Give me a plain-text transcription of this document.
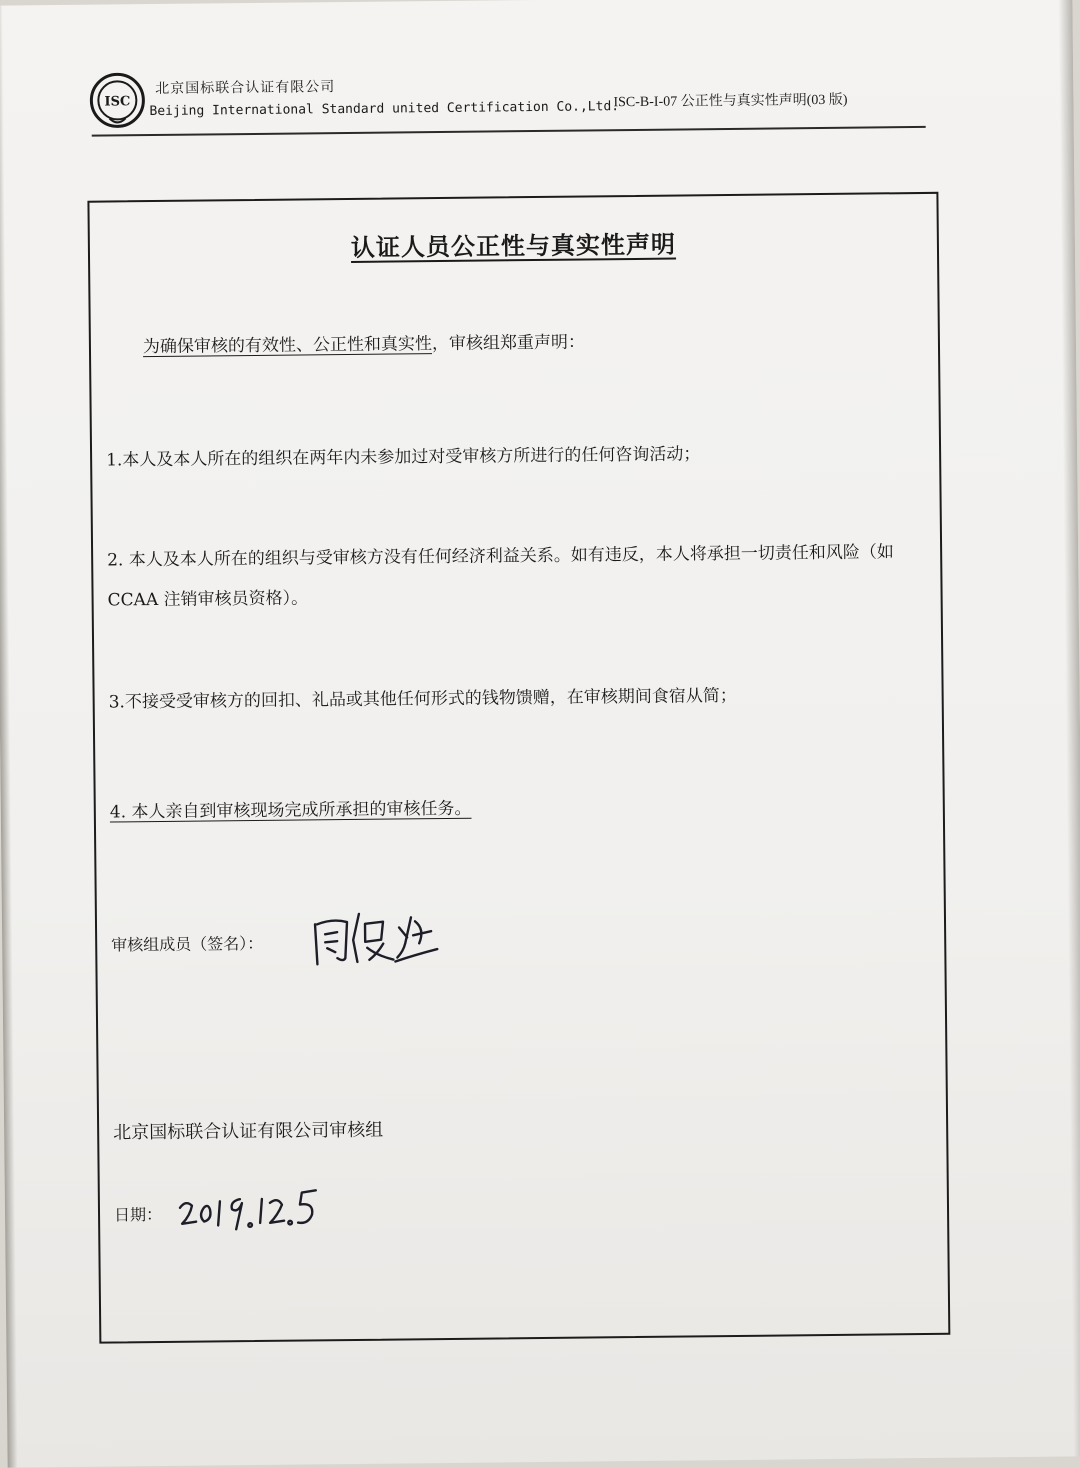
ISC
北京国标联合认证有限公司
Beijing International Standard united Certification Co.,Ltd.
ISC-B-I-07 公正性与真实性声明(03 版)
认证人员公正性与真实性声明
为确保审核的有效性、公正性和真实性，审核组郑重声明：
1.本人及本人所在的组织在两年内未参加过对受审核方所进行的任何咨询活动；
2. 本人及本人所在的组织与受审核方没有任何经济利益关系。如有违反，本人将承担一切责任和风险（如 CCAA 注销审核员资格）。
3.不接受受审核方的回扣、礼品或其他任何形式的钱物馈赠，在审核期间食宿从简；
4. 本人亲自到审核现场完成所承担的审核任务。
审核组成员（签名）：
北京国标联合认证有限公司审核组
日期：
